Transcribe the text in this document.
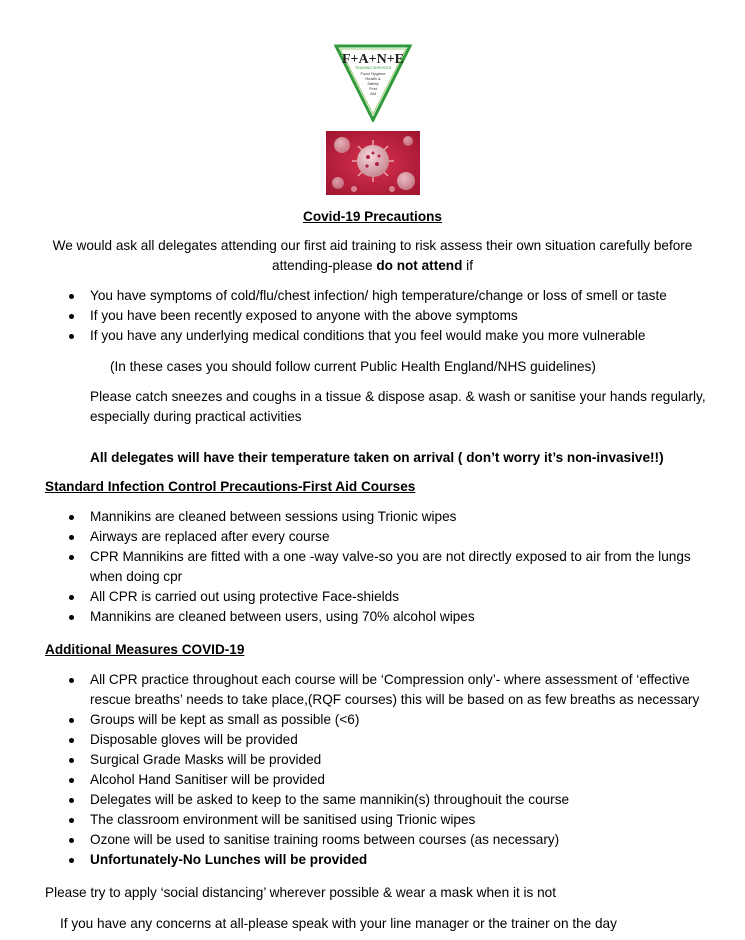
F+A+N+E
TRAINING SERVICES
Food Hygiene
Health &
Safety
First
Aid
Covid-19 Precautions
We would ask all delegates attending our first aid training to risk assess their own situation carefully before attending-please do not attend if
You have symptoms of cold/flu/chest infection/ high temperature/change or loss of smell or taste
If you have been recently exposed to anyone with the above symptoms
If you have any underlying medical conditions that you feel would make you more vulnerable
(In these cases you should follow current Public Health England/NHS guidelines)
Please catch sneezes and coughs in a tissue & dispose asap. & wash or sanitise your hands regularly, especially during practical activities
All delegates will have their temperature taken on arrival ( don’t worry it’s non-invasive!!)
Standard Infection Control Precautions-First Aid Courses
Mannikins are cleaned between sessions using Trionic wipes
Airways are replaced after every course
CPR Mannikins are fitted with a one -way valve-so you are not directly exposed to air from the lungs when doing cpr
All CPR is carried out using protective Face-shields
Mannikins are cleaned between users, using 70% alcohol wipes
Additional Measures COVID-19
All CPR practice throughout each course will be ‘Compression only’- where assessment of ‘effective rescue breaths’ needs to take place,(RQF courses) this will be based on as few breaths as necessary
Groups will be kept as small as possible (<6)
Disposable gloves will be provided
Surgical Grade Masks will be provided
Alcohol Hand Sanitiser will be provided
Delegates will be asked to keep to the same mannikin(s) throughouit the course
The classroom environment will be sanitised using Trionic wipes
Ozone will be used to sanitise training rooms between courses (as necessary)
Unfortunately-No Lunches will be provided
Please try to apply ‘social distancing’ wherever possible & wear a mask when it is not
If you have any concerns at all-please speak with your line manager or the trainer on the day
